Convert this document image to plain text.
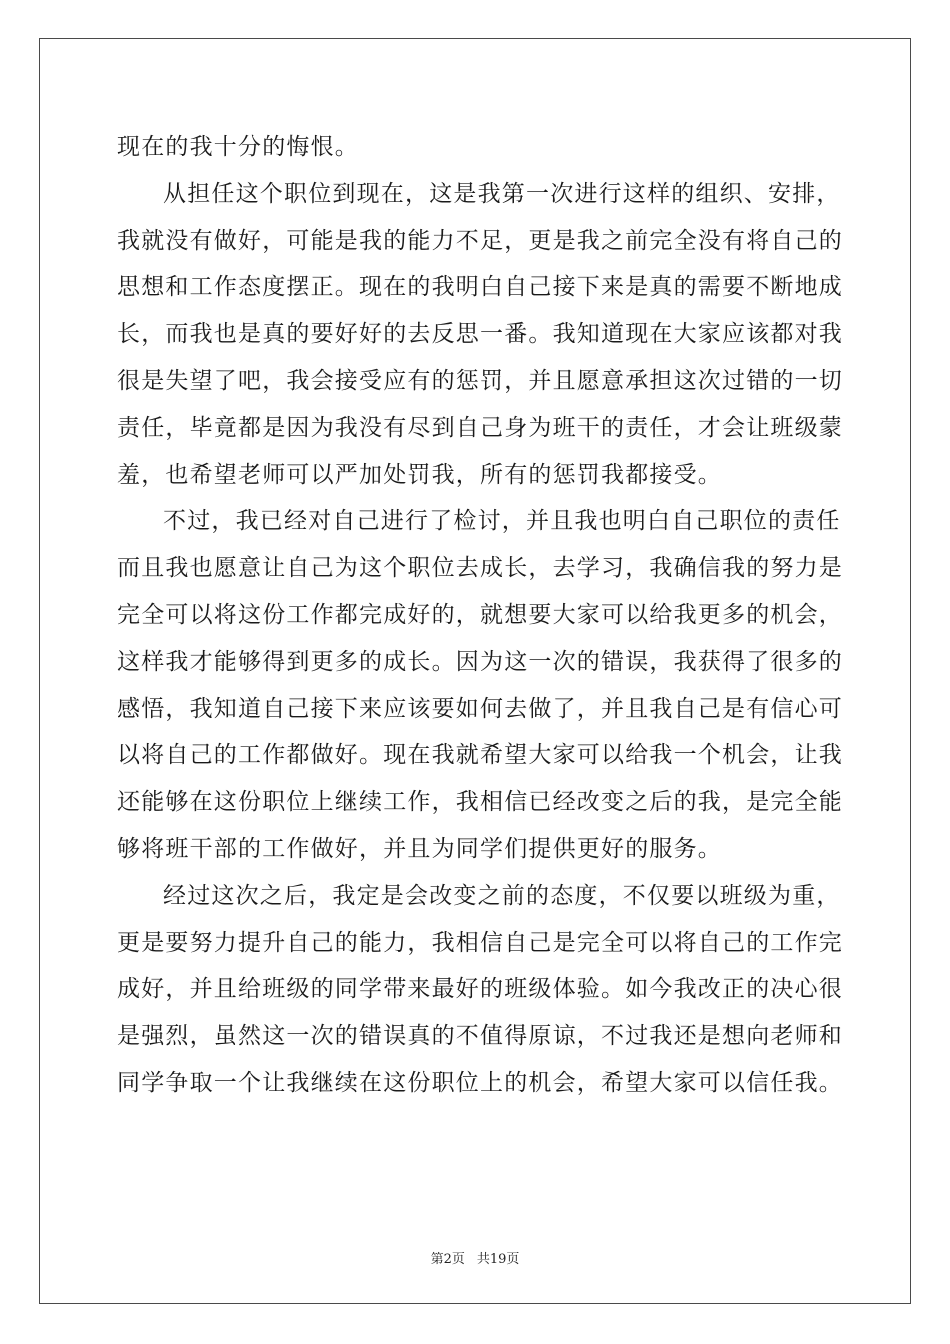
现在的我十分的悔恨。
从担任这个职位到现在，这是我第一次进行这样的组织、安排，
我就没有做好，可能是我的能力不足，更是我之前完全没有将自己的
思想和工作态度摆正。现在的我明白自己接下来是真的需要不断地成
长，而我也是真的要好好的去反思一番。我知道现在大家应该都对我
很是失望了吧，我会接受应有的惩罚，并且愿意承担这次过错的一切
责任，毕竟都是因为我没有尽到自己身为班干的责任，才会让班级蒙
羞，也希望老师可以严加处罚我，所有的惩罚我都接受。
不过，我已经对自己进行了检讨，并且我也明白自己职位的责任
而且我也愿意让自己为这个职位去成长，去学习，我确信我的努力是
完全可以将这份工作都完成好的，就想要大家可以给我更多的机会，
这样我才能够得到更多的成长。因为这一次的错误，我获得了很多的
感悟，我知道自己接下来应该要如何去做了，并且我自己是有信心可
以将自己的工作都做好。现在我就希望大家可以给我一个机会，让我
还能够在这份职位上继续工作，我相信已经改变之后的我，是完全能
够将班干部的工作做好，并且为同学们提供更好的服务。
经过这次之后，我定是会改变之前的态度，不仅要以班级为重，
更是要努力提升自己的能力，我相信自己是完全可以将自己的工作完
成好，并且给班级的同学带来最好的班级体验。如今我改正的决心很
是强烈，虽然这一次的错误真的不值得原谅，不过我还是想向老师和
同学争取一个让我继续在这份职位上的机会，希望大家可以信任我。
第2页 共19页
